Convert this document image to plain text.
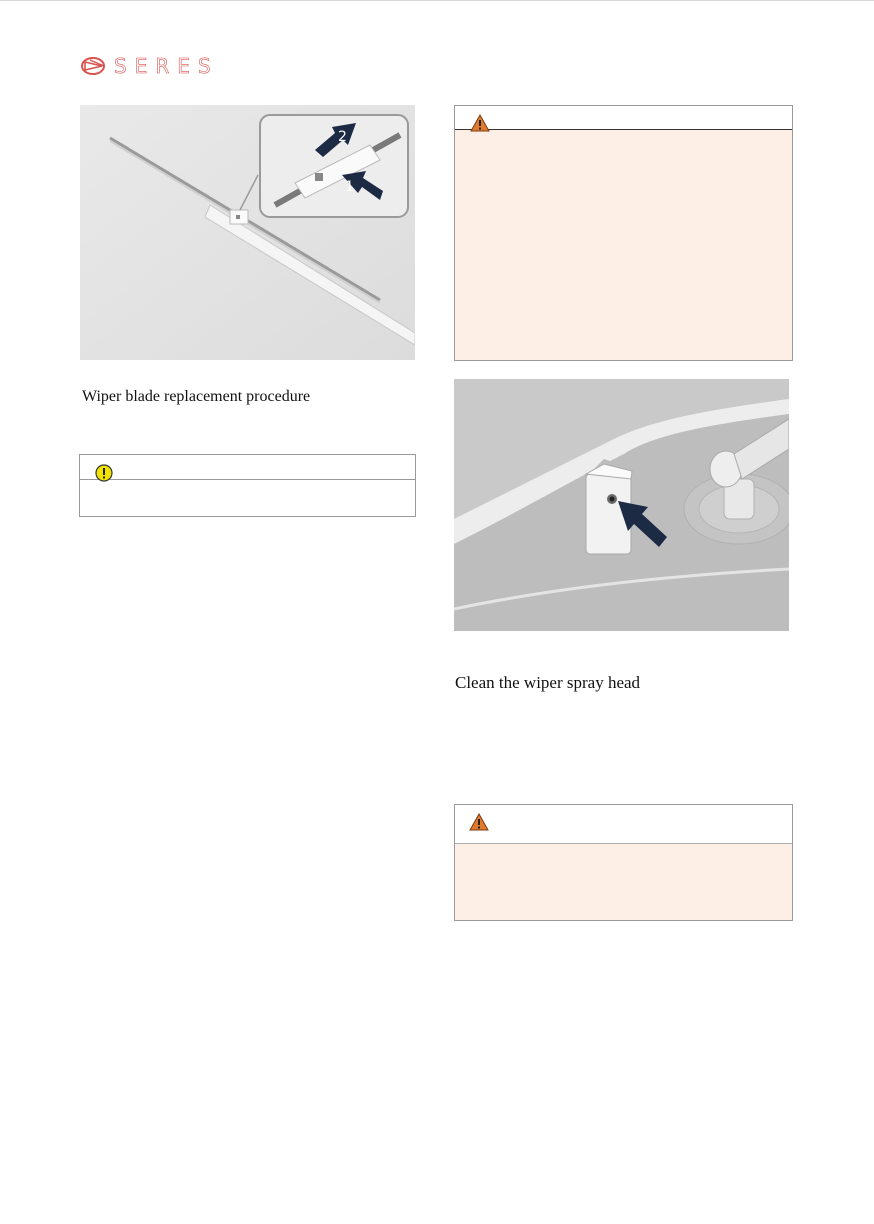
SERES
2
1
Wiper blade replacement procedure
Clean the wiper spray head
